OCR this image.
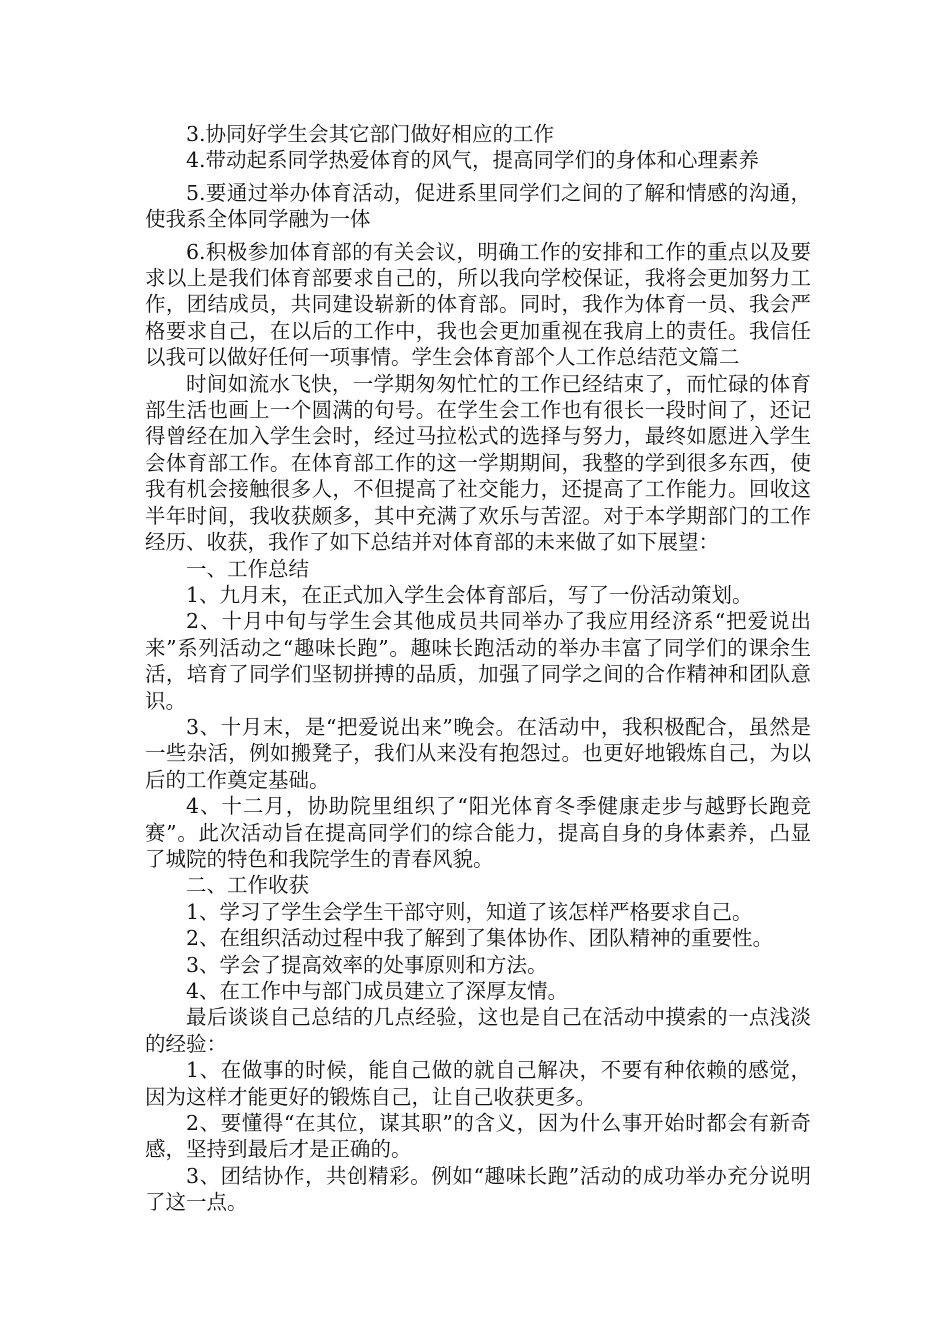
3.协同好学生会其它部门做好相应的工作

4.带动起系同学热爱体育的风气，提高同学们的身体和心理素养

5.要通过举办体育活动，促进系里同学们之间的了解和情感的沟通，使我系全体同学融为一体

6.积极参加体育部的有关会议，明确工作的安排和工作的重点以及要求以上是我们体育部要求自己的，所以我向学校保证，我将会更加努力工作，团结成员，共同建设崭新的体育部。同时，我作为体育一员、我会严格要求自己，在以后的工作中，我也会更加重视在我肩上的责任。我信任以我可以做好任何一项事情。学生会体育部个人工作总结范文篇二

时间如流水飞快，一学期匆匆忙忙的工作已经结束了，而忙碌的体育部生活也画上一个圆满的句号。在学生会工作也有很长一段时间了，还记得曾经在加入学生会时，经过马拉松式的选择与努力，最终如愿进入学生会体育部工作。在体育部工作的这一学期期间，我整的学到很多东西，使我有机会接触很多人，不但提高了社交能力，还提高了工作能力。回收这半年时间，我收获颇多，其中充满了欢乐与苦涩。对于本学期部门的工作经历、收获，我作了如下总结并对体育部的未来做了如下展望：

一、工作总结

1、九月末，在正式加入学生会体育部后，写了一份活动策划。

2、十月中旬与学生会其他成员共同举办了我应用经济系“把爱说出来”系列活动之“趣味长跑”。趣味长跑活动的举办丰富了同学们的课余生活，培育了同学们坚韧拼搏的品质，加强了同学之间的合作精神和团队意识。

3、十月末，是“把爱说出来”晚会。在活动中，我积极配合，虽然是一些杂活，例如搬凳子，我们从来没有抱怨过。也更好地锻炼自己，为以后的工作奠定基础。

4、十二月，协助院里组织了“阳光体育冬季健康走步与越野长跑竞赛”。此次活动旨在提高同学们的综合能力，提高自身的身体素养，凸显了城院的特色和我院学生的青春风貌。

二、工作收获

1、学习了学生会学生干部守则，知道了该怎样严格要求自己。

2、在组织活动过程中我了解到了集体协作、团队精神的重要性。

3、学会了提高效率的处事原则和方法。

4、在工作中与部门成员建立了深厚友情。

最后谈谈自己总结的几点经验，这也是自己在活动中摸索的一点浅淡的经验：

1、在做事的时候，能自己做的就自己解决，不要有种依赖的感觉，因为这样才能更好的锻炼自己，让自己收获更多。

2、要懂得“在其位，谋其职”的含义，因为什么事开始时都会有新奇感，坚持到最后才是正确的。

3、团结协作，共创精彩。例如“趣味长跑”活动的成功举办充分说明了这一点。
